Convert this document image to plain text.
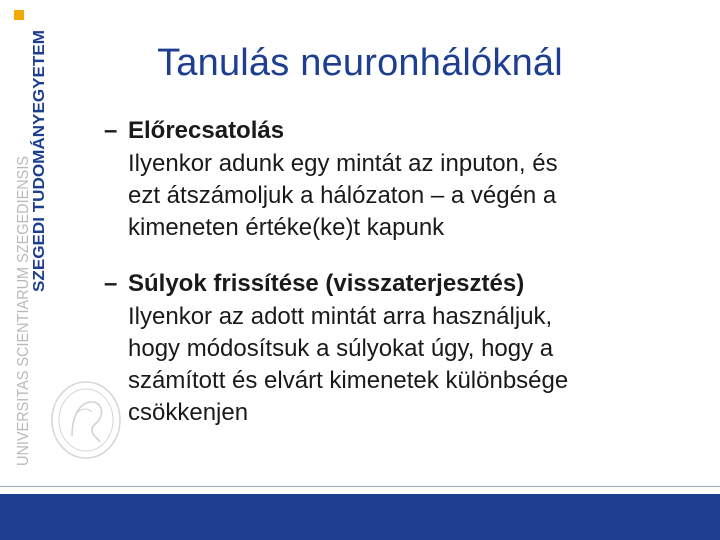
UNIVERSITAS SCIENTIARUM SZEGEDIENSIS SZEGEDI TUDOMÁNYEGYETEM	Tanulás neuronhálóknál
– Előrecsatolás
Ilyenkor adunk egy mintát az inputon, és
ezt átszámoljuk a hálózaton – a végén a
kimeneten értéke(ke)t kapunk
– Súlyok frissítése (visszaterjesztés)
Ilyenkor az adott mintát arra használjuk,
hogy módosítsuk a súlyokat úgy, hogy a
számított és elvárt kimenetek különbsége
csökkenjen
